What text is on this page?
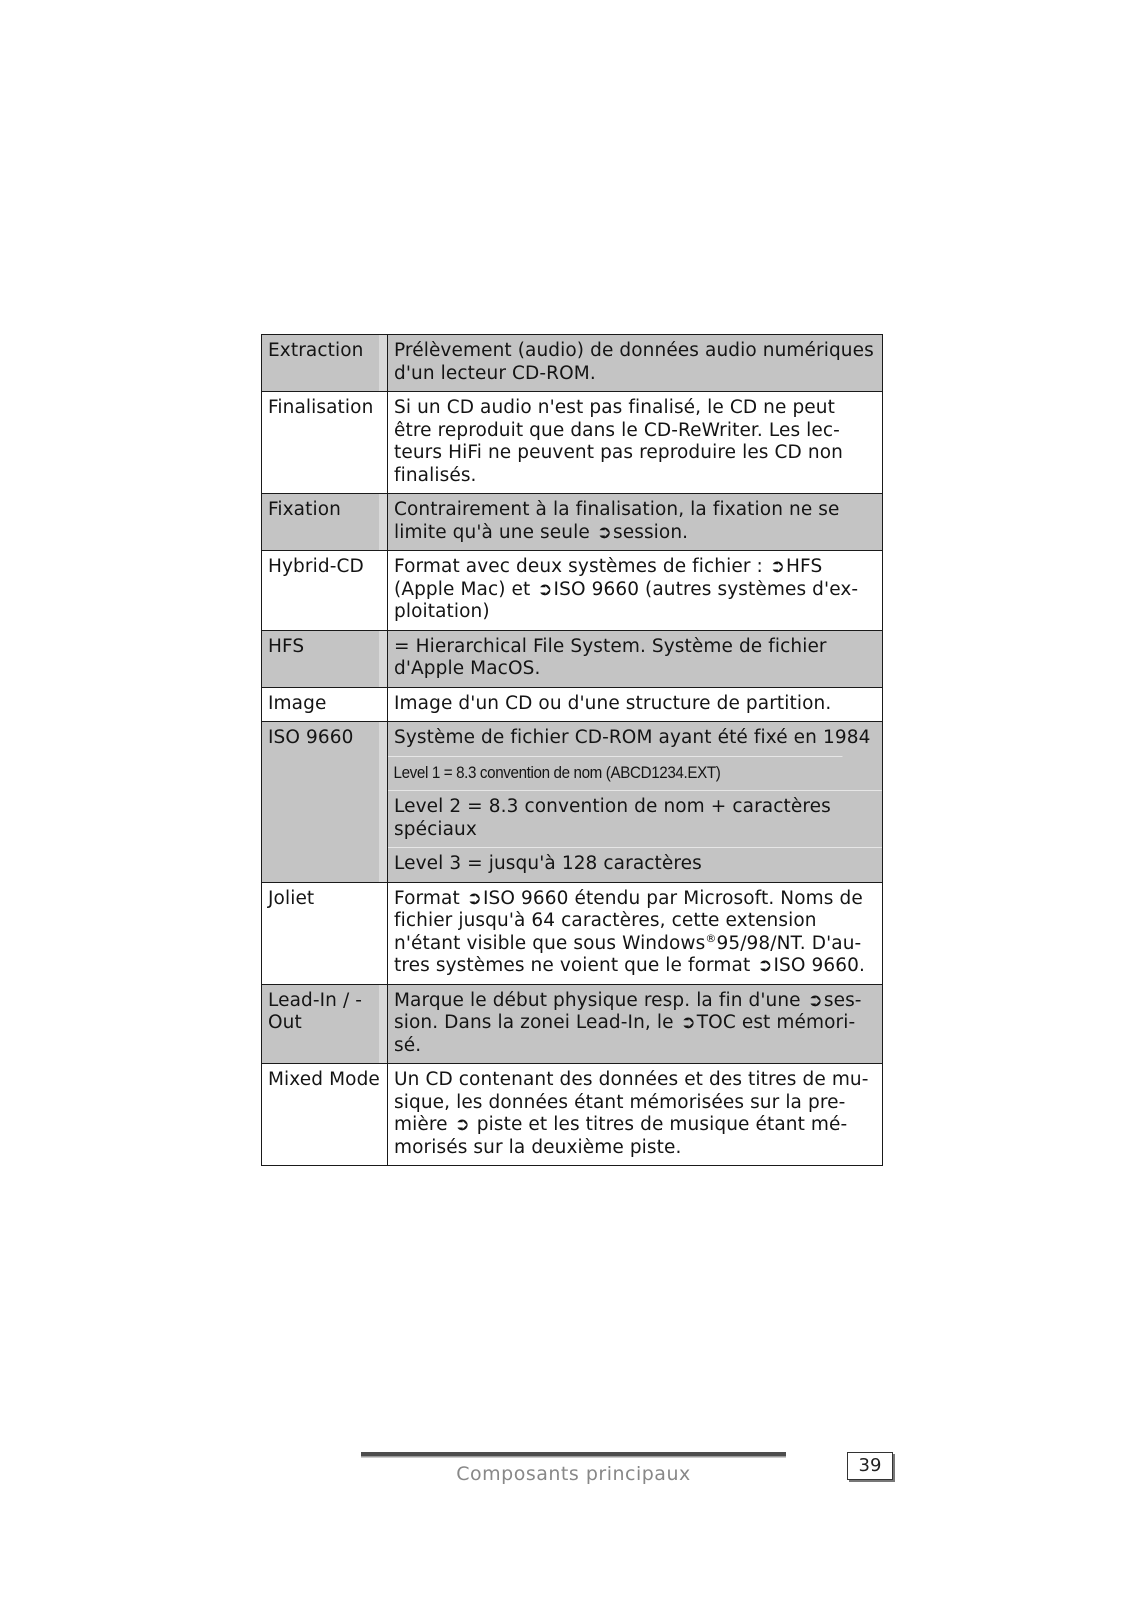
Extraction	Prélèvement (audio) de données audio numériques d'un lecteur CD-ROM.

Finalisation	Si un CD audio n'est pas finalisé, le CD ne peut être reproduit que dans le CD-ReWriter. Les lec-teurs HiFi ne peuvent pas reproduire les CD non finalisés.

Fixation	Contrairement à la finalisation, la fixation ne se limite qu'à une seule ➲session.

Hybrid-CD	Format avec deux systèmes de fichier : ➲HFS (Apple Mac) et ➲ISO 9660 (autres systèmes d'ex-ploitation)

HFS	= Hierarchical File System. Système de fichier d'Apple MacOS.

Image	Image d'un CD ou d'une structure de partition.

ISO 9660	Système de fichier CD-ROM ayant été fixé en 1984
Level 1 = 8.3 convention de nom (ABCD1234.EXT)
Level 2 = 8.3 convention de nom + caractères spéciaux
Level 3 = jusqu'à 128 caractères

Joliet	Format ➲ISO 9660 étendu par Microsoft. Noms de fichier jusqu'à 64 caractères, cette extension n'étant visible que sous Windows®95/98/NT. D'au-tres systèmes ne voient que le format ➲ISO 9660.

Lead-In / -Out	Marque le début physique resp. la fin d'une ➲ses-sion. Dans la zonei Lead-In, le ➲TOC est mémori-sé.

Mixed Mode	Un CD contenant des données et des titres de mu-sique, les données étant mémorisées sur la pre-mière ➲ piste et les titres de musique étant mé-morisés sur la deuxième piste.

Composants principaux	39
